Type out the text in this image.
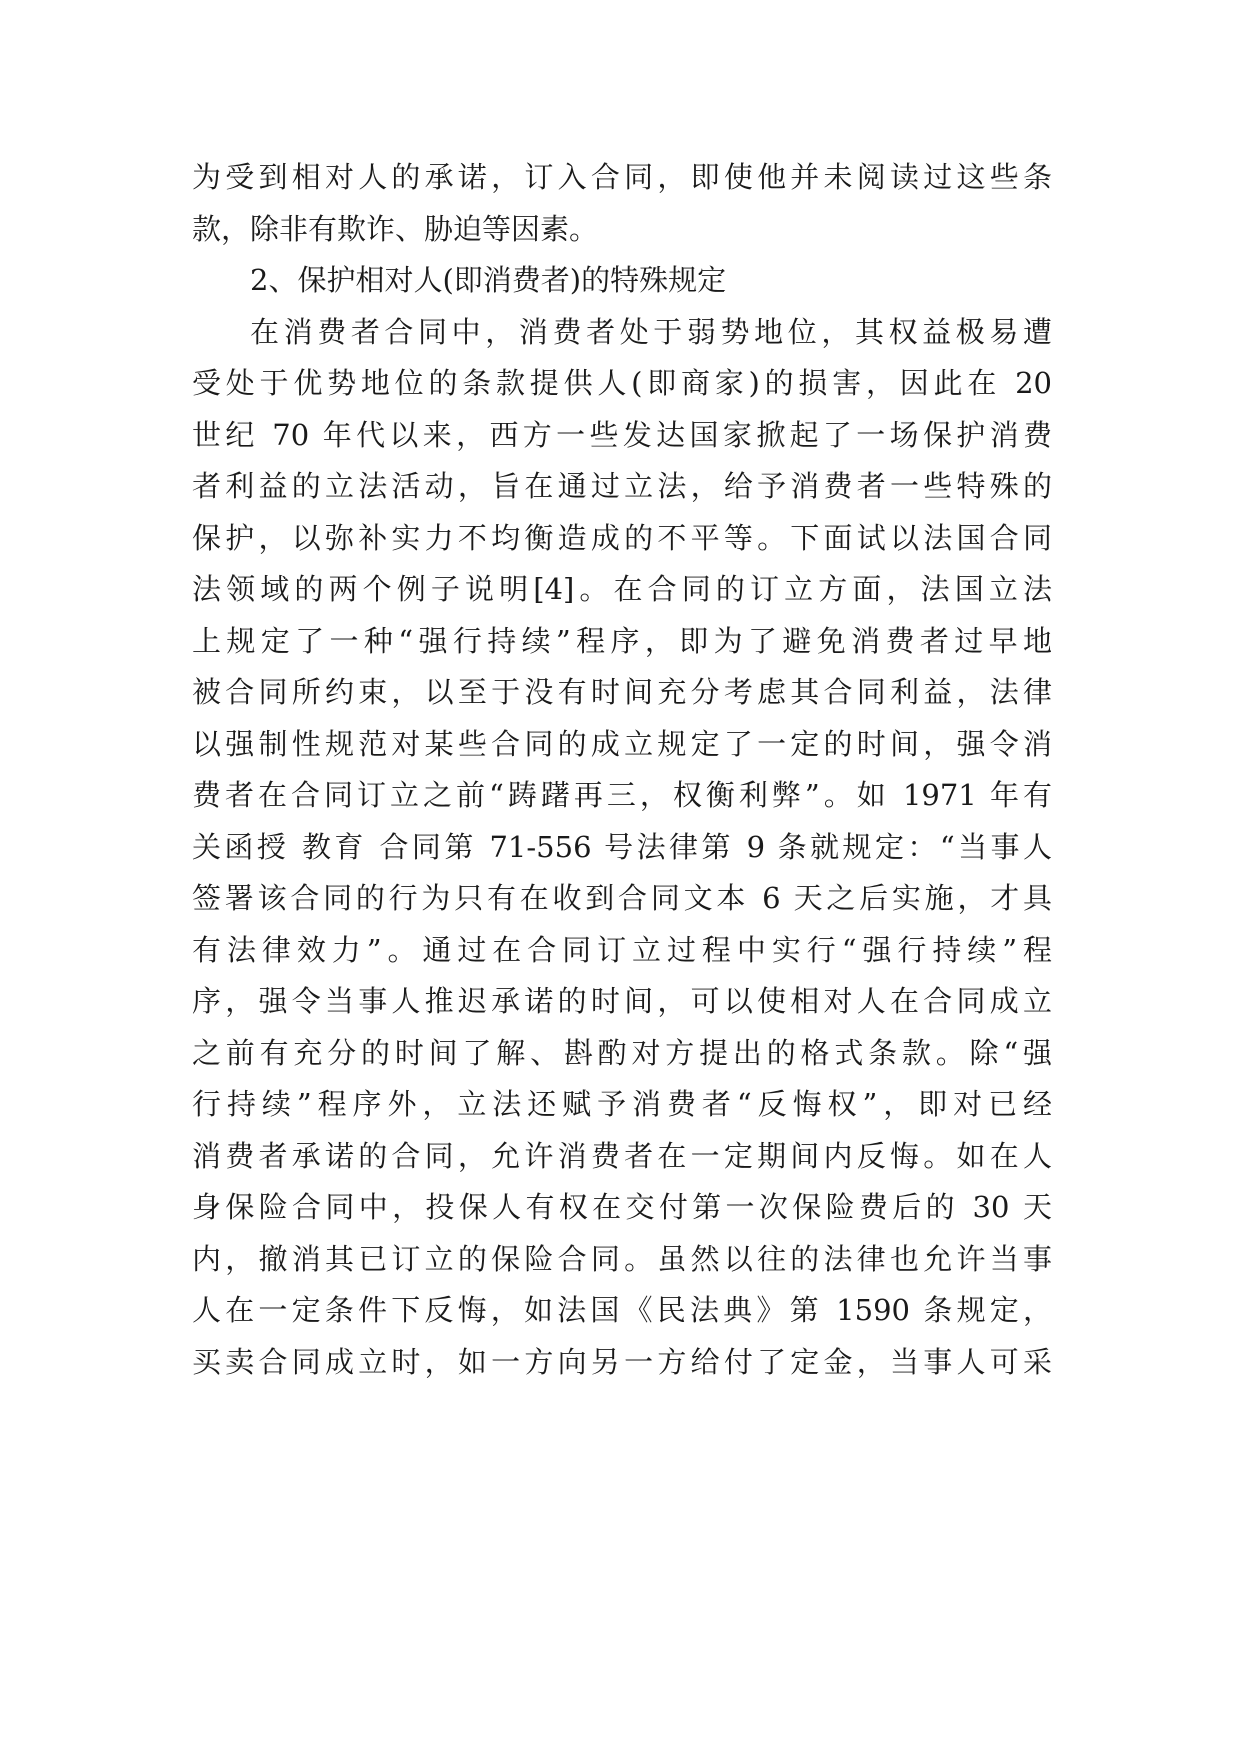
为受到相对人的承诺，订入合同，即使他并未阅读过这些条
款，除非有欺诈、胁迫等因素。
2、保护相对人(即消费者)的特殊规定
在消费者合同中，消费者处于弱势地位，其权益极易遭
受处于优势地位的条款提供人(即商家)的损害，因此在 20
世纪 70 年代以来，西方一些发达国家掀起了一场保护消费
者利益的立法活动，旨在通过立法，给予消费者一些特殊的
保护，以弥补实力不均衡造成的不平等。下面试以法国合同
法领域的两个例子说明[4]。在合同的订立方面，法国立法
上规定了一种“强行持续”程序，即为了避免消费者过早地
被合同所约束，以至于没有时间充分考虑其合同利益，法律
以强制性规范对某些合同的成立规定了一定的时间，强令消
费者在合同订立之前“踌躇再三，权衡利弊”。如 1971 年有
关函授 教育 合同第 71-556 号法律第 9 条就规定：“当事人
签署该合同的行为只有在收到合同文本 6 天之后实施，才具
有法律效力”。通过在合同订立过程中实行“强行持续”程
序，强令当事人推迟承诺的时间，可以使相对人在合同成立
之前有充分的时间了解、斟酌对方提出的格式条款。除“强
行持续”程序外，立法还赋予消费者“反悔权”，即对已经
消费者承诺的合同，允许消费者在一定期间内反悔。如在人
身保险合同中，投保人有权在交付第一次保险费后的 30 天
内，撤消其已订立的保险合同。虽然以往的法律也允许当事
人在一定条件下反悔，如法国《民法典》第 1590 条规定，
买卖合同成立时，如一方向另一方给付了定金，当事人可采
